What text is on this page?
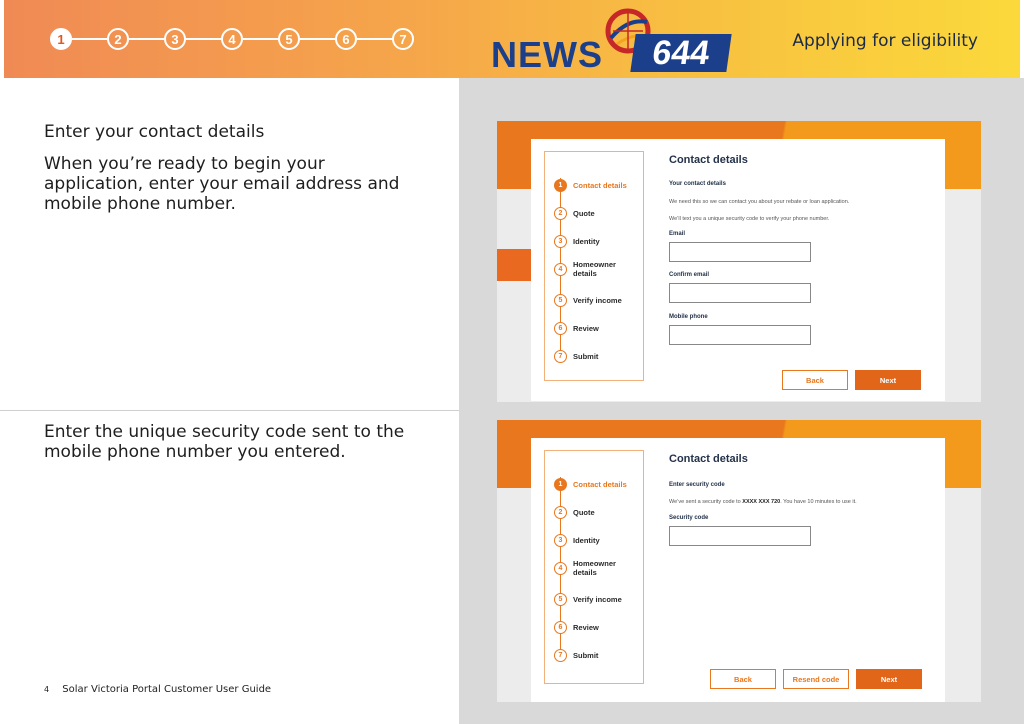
1	2	3	4	5	6	7 NEWS	644	Applying for eligibility
Enter your contact details
When you’re ready to begin your application, enter your email address and mobile phone number.
Enter the unique security code sent to the mobile phone number you entered.
4 Solar Victoria Portal Customer User Guide
1	Contact details
2	Quote
3	Identity
4	Homeowner details
5	Verify income
6	Review
7	Submit
Contact details
Your contact details
We need this so we can contact you about your rebate or loan application.
We’ll text you a unique security code to verify your phone number.
Email
Confirm email
Mobile phone
Back	Next
1	Contact details
2	Quote
3	Identity
4	Homeowner details
5	Verify income
6	Review
7	Submit
Contact details
Enter security code
We’ve sent a security code to XXXX XXX 720. You have 10 minutes to use it.
Security code
Back	Resend code	Next
